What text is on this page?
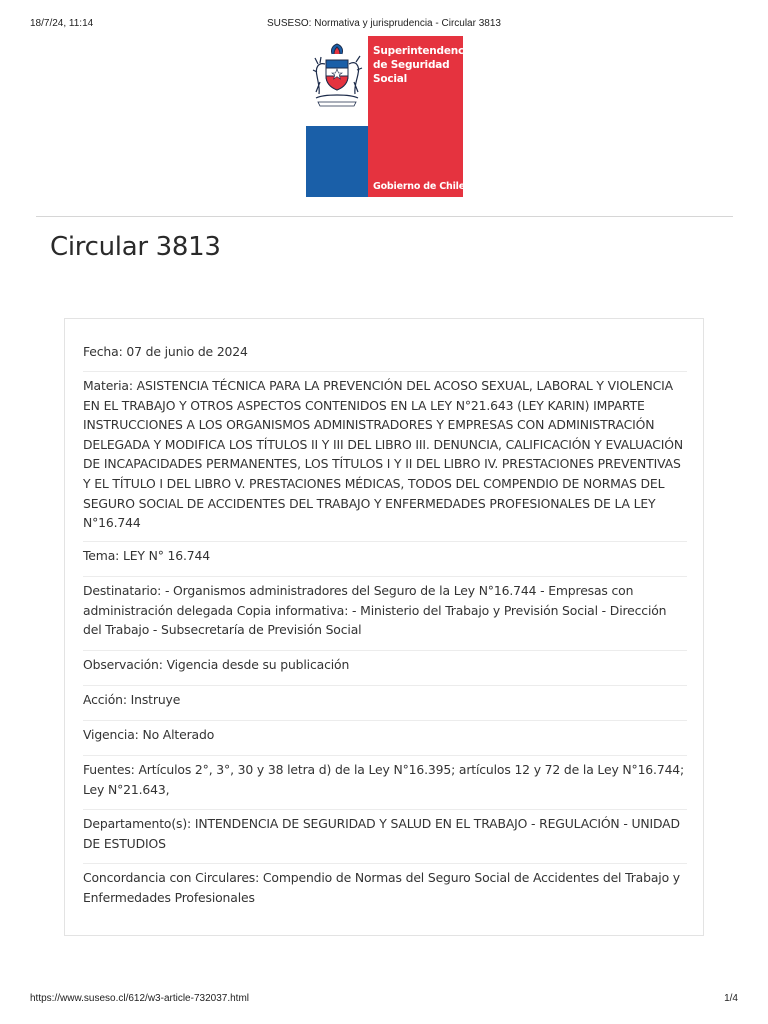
18/7/24, 11:14	SUSESO: Normativa y jurisprudencia - Circular 3813
Superintendencia
de Seguridad
Social
Gobierno de Chile
Circular 3813
Fecha: 07 de junio de 2024
Materia: ASISTENCIA TÉCNICA PARA LA PREVENCIÓN DEL ACOSO SEXUAL, LABORAL Y VIOLENCIA EN EL TRABAJO Y OTROS ASPECTOS CONTENIDOS EN LA LEY N°21.643 (LEY KARIN) IMPARTE INSTRUCCIONES A LOS ORGANISMOS ADMINISTRADORES Y EMPRESAS CON ADMINISTRACIÓN DELEGADA Y MODIFICA LOS TÍTULOS II Y III DEL LIBRO III. DENUNCIA, CALIFICACIÓN Y EVALUACIÓN DE INCAPACIDADES PERMANENTES, LOS TÍTULOS I Y II DEL LIBRO IV. PRESTACIONES PREVENTIVAS Y EL TÍTULO I DEL LIBRO V. PRESTACIONES MÉDICAS, TODOS DEL COMPENDIO DE NORMAS DEL SEGURO SOCIAL DE ACCIDENTES DEL TRABAJO Y ENFERMEDADES PROFESIONALES DE LA LEY N°16.744
Tema: LEY N° 16.744
Destinatario: - Organismos administradores del Seguro de la Ley N°16.744 - Empresas con administración delegada Copia informativa: - Ministerio del Trabajo y Previsión Social - Dirección del Trabajo - Subsecretaría de Previsión Social
Observación: Vigencia desde su publicación
Acción: Instruye
Vigencia: No Alterado
Fuentes: Artículos 2°, 3°, 30 y 38 letra d) de la Ley N°16.395; artículos 12 y 72 de la Ley N°16.744; Ley N°21.643,
Departamento(s): INTENDENCIA DE SEGURIDAD Y SALUD EN EL TRABAJO - REGULACIÓN - UNIDAD DE ESTUDIOS
Concordancia con Circulares: Compendio de Normas del Seguro Social de Accidentes del Trabajo y Enfermedades Profesionales
https://www.suseso.cl/612/w3-article-732037.html	1/4
